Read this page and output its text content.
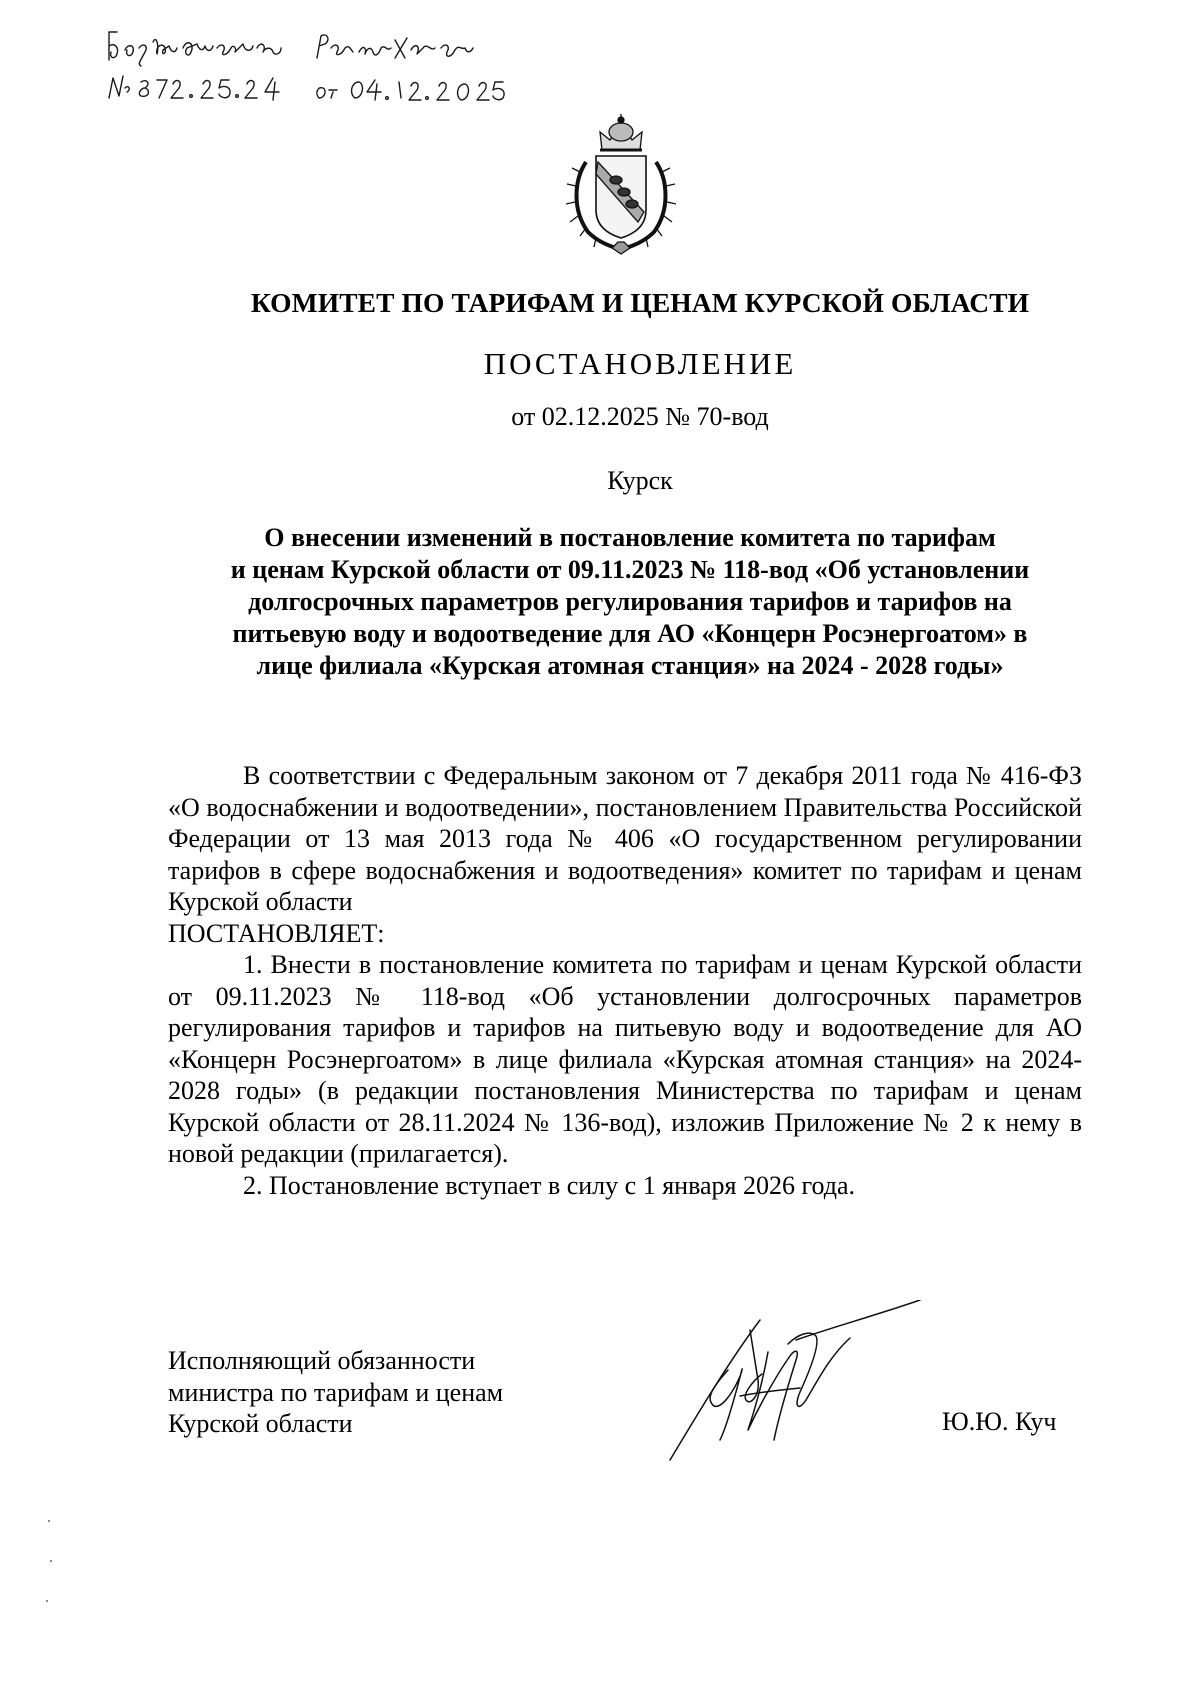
КОМИТЕТ ПО ТАРИФАМ И ЦЕНАМ КУРСКОЙ ОБЛАСТИ
ПОСТАНОВЛЕНИЕ
от 02.12.2025 № 70-вод
Курск
О внесении изменений в постановление комитета по тарифам
и ценам Курской области от 09.11.2023 № 118-вод «Об установлении
долгосрочных параметров регулирования тарифов и тарифов на
питьевую воду и водоотведение для АО «Концерн Росэнергоатом» в
лице филиала «Курская атомная станция» на 2024 - 2028 годы»

В соответствии с Федеральным законом от 7 декабря 2011 года № 416-ФЗ «О водоснабжении и водоотведении», постановлением Правительства Российской Федерации от 13 мая 2013 года № 406 «О государственном регулировании тарифов в сфере водоснабжения и водоотведения» комитет по тарифам и ценам Курской области

ПОСТАНОВЛЯЕТ:

1. Внести в постановление комитета по тарифам и ценам Курской области от 09.11.2023 № 118-вод «Об установлении долгосрочных параметров регулирования тарифов и тарифов на питьевую воду и водоотведение для АО «Концерн Росэнергоатом» в лице филиала «Курская атомная станция» на 2024-2028 годы» (в редакции постановления Министерства по тарифам и ценам Курской области от 28.11.2024 № 136-вод), изложив Приложение № 2 к нему в новой редакции (прилагается).

2. Постановление вступает в силу с 1 января 2026 года.

Исполняющий обязанности
министра по тарифам и ценам
Курской области	Ю.Ю. Куч
